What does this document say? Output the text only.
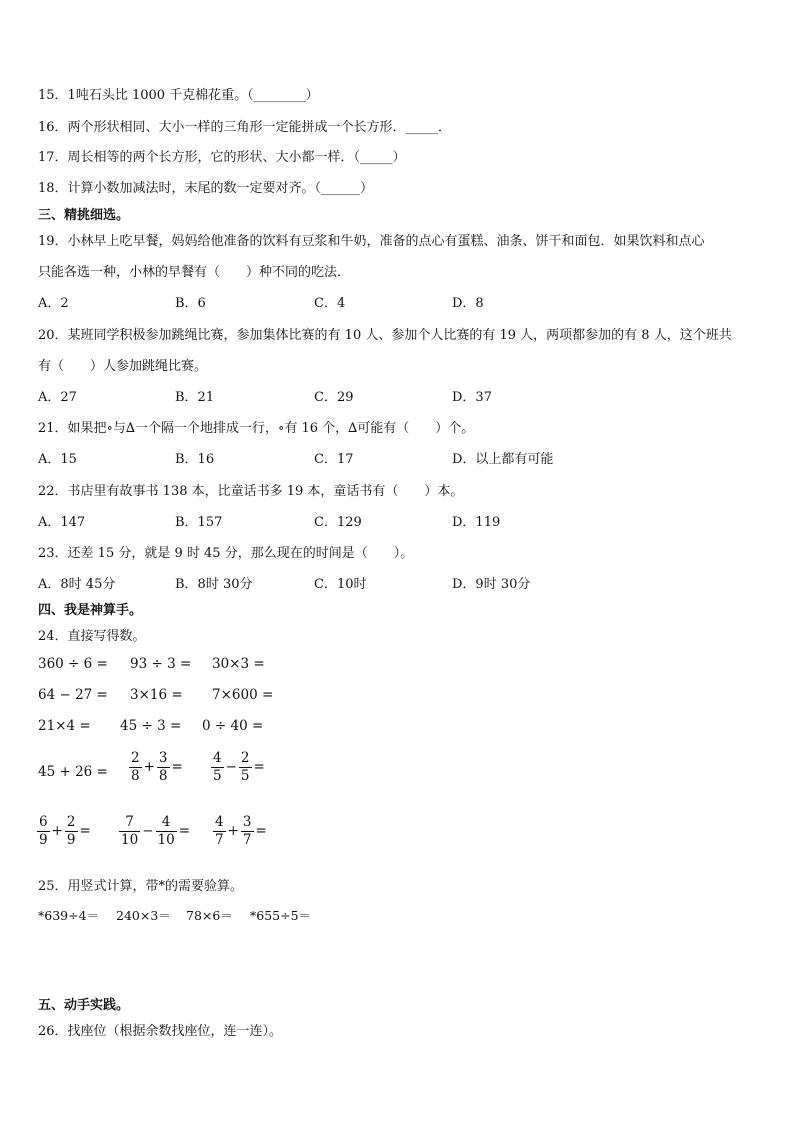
15．1吨石头比 1000 千克棉花重。（________）
16．两个形状相同、大小一样的三角形一定能拼成一个长方形．_____．
17．周长相等的两个长方形，它的形状、大小都一样．（_____）
18．计算小数加减法时，末尾的数一定要对齐。（______）
三、精挑细选。
19．小林早上吃早餐，妈妈给他准备的饮料有豆浆和牛奶，准备的点心有蛋糕、油条、饼干和面包．如果饮料和点心
只能各选一种，小林的早餐有（　　）种不同的吃法．
A．2	B．6	C．4	D．8
20．某班同学积极参加跳绳比赛，参加集体比赛的有 10 人、参加个人比赛的有 19 人，两项都参加的有 8 人，这个班共
有（　　）人参加跳绳比赛。
A．27	B．21	C．29	D．37
21．如果把∘与∆一个隔一个地排成一行，∘有 16 个，∆可能有（　　）个。
A．15	B．16	C．17	D．以上都有可能
22．书店里有故事书 138 本，比童话书多 19 本，童话书有（　　）本。
A．147	B．157	C．129	D．119
23．还差 15 分，就是 9 时 45 分，那么现在的时间是（　　）。
A．8时 45分	B．8时 30分	C．10时	D．9时 30分
四、我是神算手。
24．直接写得数。
360 ÷ 6 = 93 ÷ 3 = 30×3 =
64 − 27 = 3×16 = 7×600 =
21×4 = 45 ÷ 3 = 0 ÷ 40 =
$45 + 26 = \frac{2}{8} + \frac{3}{8} = \frac{4}{5} - \frac{2}{5}$ =
$\frac{6}{9} + \frac{2}{9} = \frac{7}{10} - \frac{4}{10} = \frac{4}{7} + \frac{3}{7}$ =
25．用竖式计算，带*的需要验算。
*639÷4＝ 240×3＝ 78×6＝ *655÷5＝
五、动手实践。
26．找座位（根据余数找座位，连一连）。
